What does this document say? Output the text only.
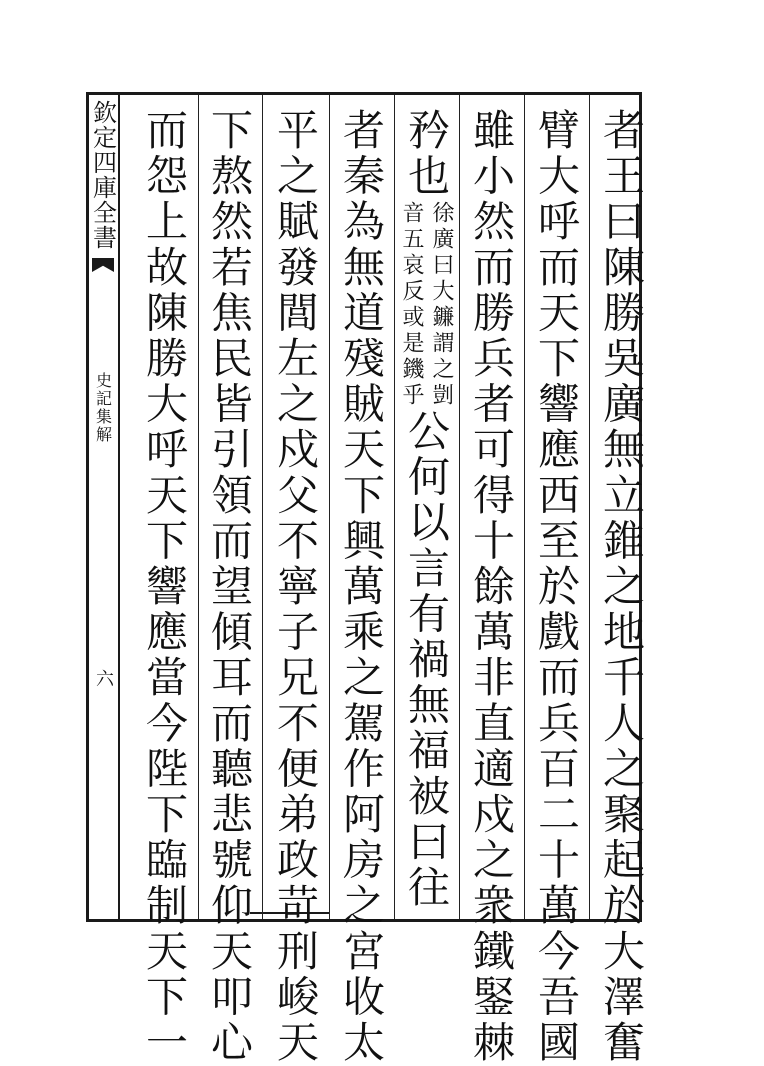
欽定四庫全書
史記集解
六	者王曰陳勝吳廣無立錐之地千人之聚起於大澤奮
臂大呼而天下響應西至於戲而兵百二十萬今吾國
雖小然而勝兵者可得十餘萬非直適戍之衆鐵鋻棘
矜也
徐廣曰大鐮謂之剴
音五哀反或是鐖乎
公何以言有禍無福被曰往
者秦為無道殘賊天下興萬乘之駕作阿房之宮收太
平之賦發閭左之戍父不寧子兄不便弟政苛刑峻天
下熬然若焦民皆引領而望傾耳而聽悲號仰天叩心
而怨上故陳勝大呼天下響應當今陛下臨制天下一
